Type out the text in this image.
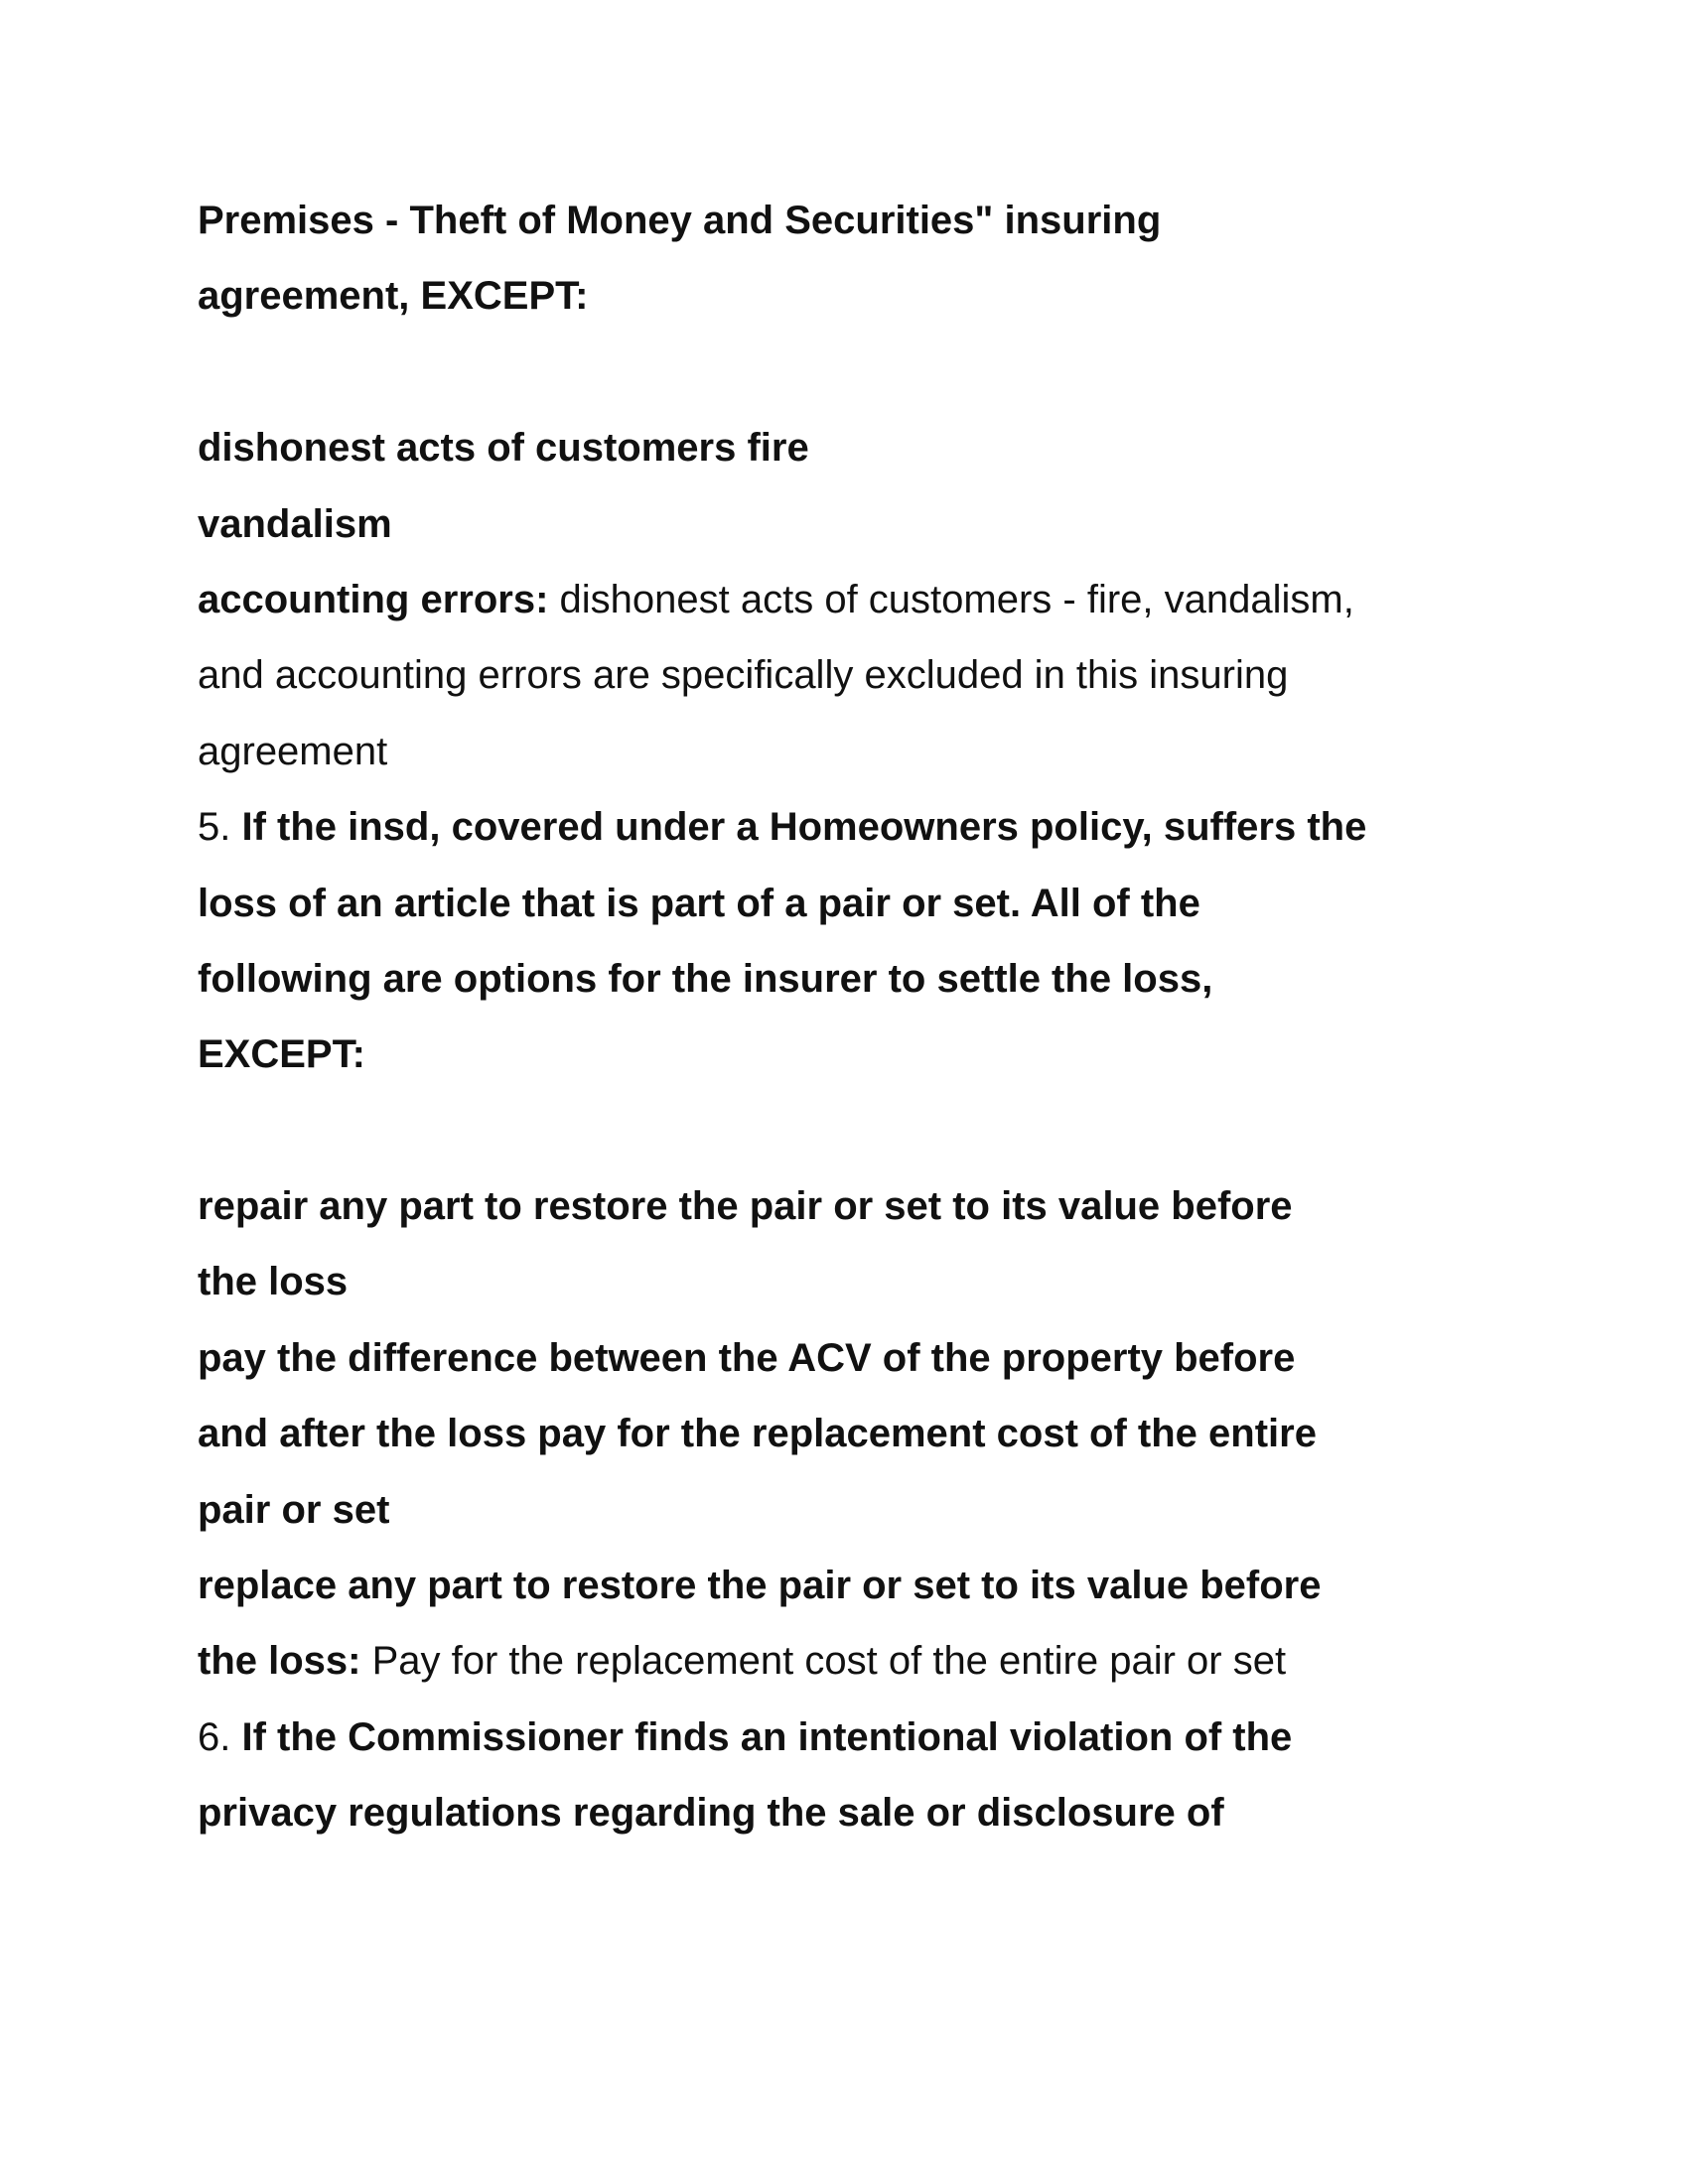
Premises - Theft of Money and Securities" insuring
agreement, EXCEPT:
dishonest acts of customers fire
vandalism
accounting errors: dishonest acts of customers - fire, vandalism,
and accounting errors are specifically excluded in this insuring
agreement
5. If the insd, covered under a Homeowners policy, suffers the
loss of an article that is part of a pair or set. All of the
following are options for the insurer to settle the loss,
EXCEPT:
repair any part to restore the pair or set to its value before
the loss
pay the difference between the ACV of the property before
and after the loss pay for the replacement cost of the entire
pair or set
replace any part to restore the pair or set to its value before
the loss: Pay for the replacement cost of the entire pair or set
6. If the Commissioner finds an intentional violation of the
privacy regulations regarding the sale or disclosure of
